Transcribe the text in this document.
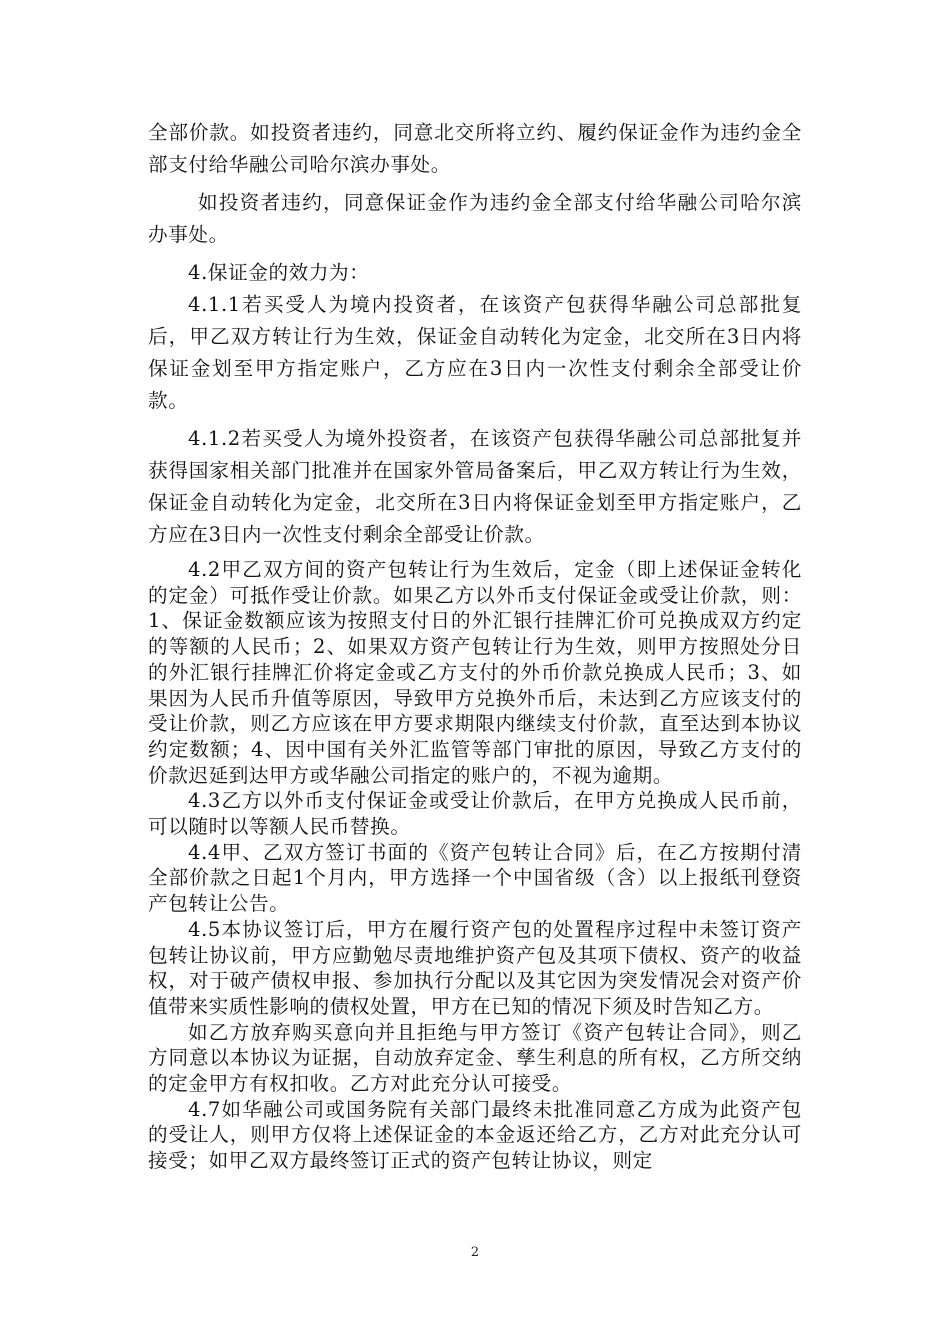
全部价款。如投资者违约，同意北交所将立约、履约保证金作为违约金全部支付给华融公司哈尔滨办事处。

如投资者违约，同意保证金作为违约金全部支付给华融公司哈尔滨办事处。

4.保证金的效力为：

4.1.1若买受人为境内投资者，在该资产包获得华融公司总部批复后，甲乙双方转让行为生效，保证金自动转化为定金，北交所在3日内将保证金划至甲方指定账户，乙方应在3日内一次性支付剩余全部受让价款。

4.1.2若买受人为境外投资者，在该资产包获得华融公司总部批复并获得国家相关部门批准并在国家外管局备案后，甲乙双方转让行为生效，保证金自动转化为定金，北交所在3日内将保证金划至甲方指定账户，乙方应在3日内一次性支付剩余全部受让价款。

4.2甲乙双方间的资产包转让行为生效后，定金（即上述保证金转化的定金）可抵作受让价款。如果乙方以外币支付保证金或受让价款，则：1、保证金数额应该为按照支付日的外汇银行挂牌汇价可兑换成双方约定的等额的人民币；2、如果双方资产包转让行为生效，则甲方按照处分日的外汇银行挂牌汇价将定金或乙方支付的外币价款兑换成人民币；3、如果因为人民币升值等原因，导致甲方兑换外币后，未达到乙方应该支付的受让价款，则乙方应该在甲方要求期限内继续支付价款，直至达到本协议约定数额；4、因中国有关外汇监管等部门审批的原因，导致乙方支付的价款迟延到达甲方或华融公司指定的账户的，不视为逾期。

4.3乙方以外币支付保证金或受让价款后，在甲方兑换成人民币前，可以随时以等额人民币替换。

4.4甲、乙双方签订书面的《资产包转让合同》后，在乙方按期付清全部价款之日起1个月内，甲方选择一个中国省级（含）以上报纸刊登资产包转让公告。

4.5本协议签订后，甲方在履行资产包的处置程序过程中未签订资产包转让协议前，甲方应勤勉尽责地维护资产包及其项下债权、资产的收益权，对于破产债权申报、参加执行分配以及其它因为突发情况会对资产价值带来实质性影响的债权处置，甲方在已知的情况下须及时告知乙方。

如乙方放弃购买意向并且拒绝与甲方签订《资产包转让合同》，则乙方同意以本协议为证据，自动放弃定金、孳生利息的所有权，乙方所交纳的定金甲方有权扣收。乙方对此充分认可接受。

4.7如华融公司或国务院有关部门最终未批准同意乙方成为此资产包的受让人，则甲方仅将上述保证金的本金返还给乙方，乙方对此充分认可接受；如甲乙双方最终签订正式的资产包转让协议，则定

2
